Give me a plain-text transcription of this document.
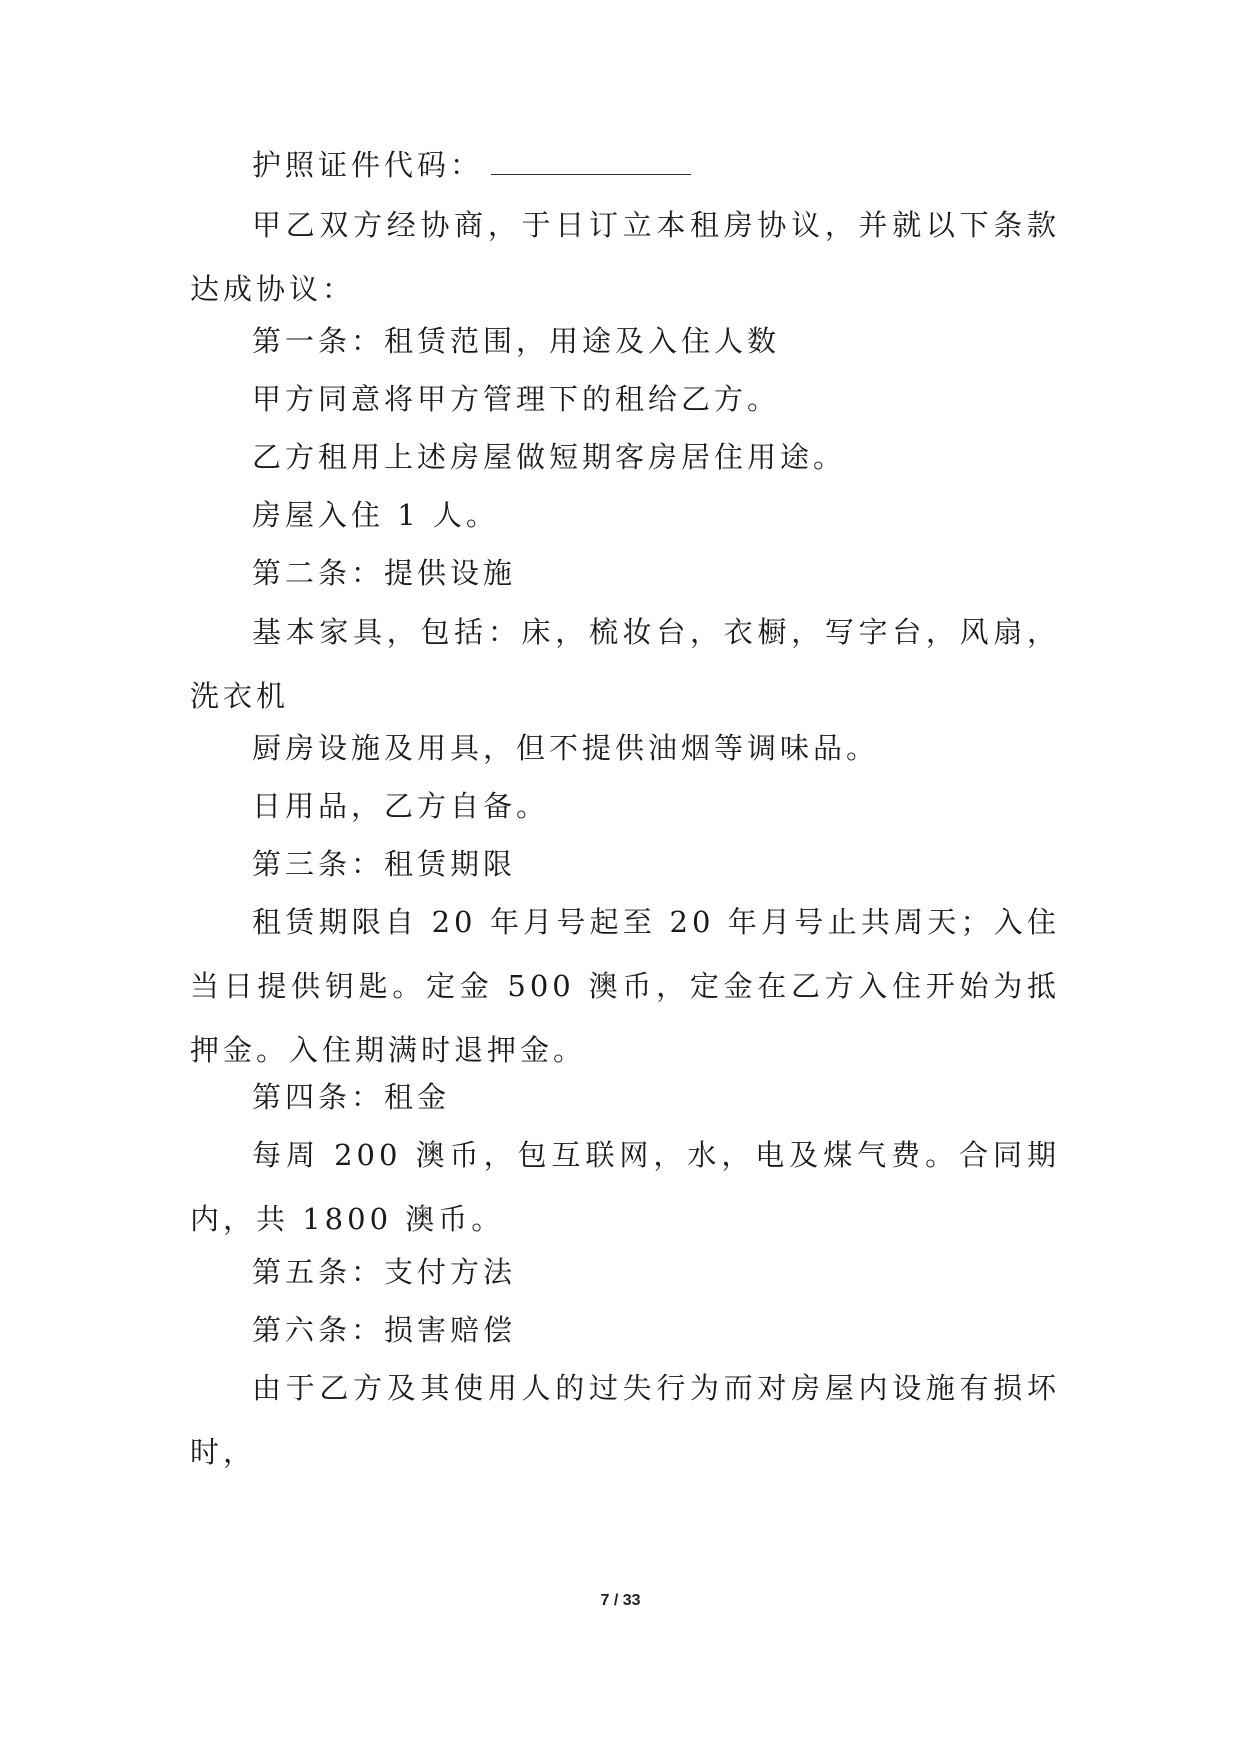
护照证件代码：

甲乙双方经协商，于日订立本租房协议，并就以下条款达成协议：

第一条：租赁范围，用途及入住人数

甲方同意将甲方管理下的租给乙方。

乙方租用上述房屋做短期客房居住用途。

房屋入住 1 人。

第二条：提供设施

基本家具，包括：床，梳妆台，衣橱，写字台，风扇，洗衣机

厨房设施及用具，但不提供油烟等调味品。

日用品，乙方自备。

第三条：租赁期限

租赁期限自 20 年月号起至 20 年月号止共周天；入住当日提供钥匙。定金 500 澳币，定金在乙方入住开始为抵押金。入住期满时退押金。

第四条：租金

每周 200 澳币，包互联网，水，电及煤气费。合同期内，共 1800 澳币。

第五条：支付方法

第六条：损害赔偿

由于乙方及其使用人的过失行为而对房屋内设施有损坏时，

7 / 33
